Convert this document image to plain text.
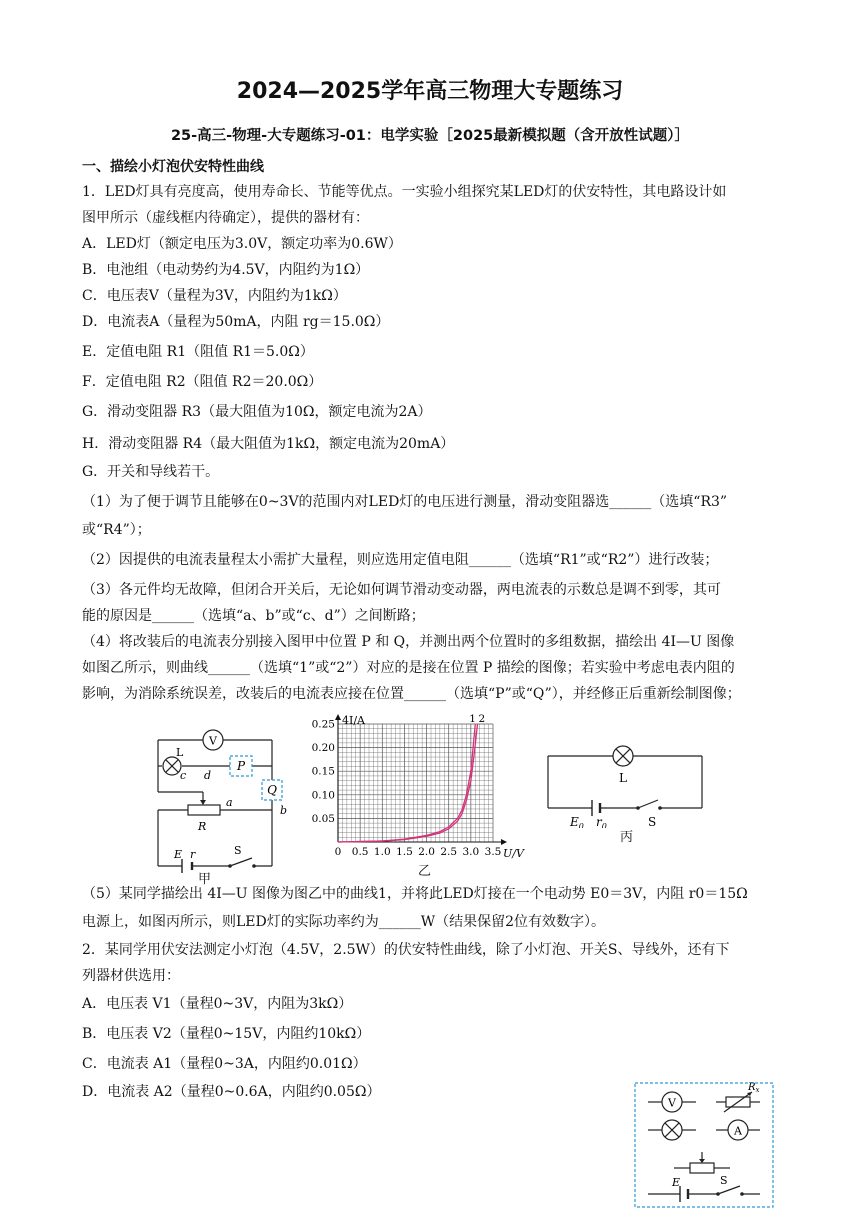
2024—2025学年高三物理大专题练习
25-高三-物理-大专题练习-01：电学实验［2025最新模拟题（含开放性试题）］
一、描绘小灯泡伏安特性曲线
1．LED灯具有亮度高，使用寿命长、节能等优点。一实验小组探究某LED灯的伏安特性，其电路设计如
图甲所示（虚线框内待确定），提供的器材有：
A．LED灯（额定电压为3.0V，额定功率为0.6W）
B．电池组（电动势约为4.5V，内阻约为1Ω）
C．电压表V（量程为3V，内阻约为1kΩ）
D．电流表A（量程为50mA，内阻 rg＝15.0Ω）
E．定值电阻 R1（阻值 R1＝5.0Ω）
F．定值电阻 R2（阻值 R2＝20.0Ω）
G．滑动变阻器 R3（最大阻值为10Ω，额定电流为2A）
H．滑动变阻器 R4（最大阻值为1kΩ，额定电流为20mA）
G．开关和导线若干。
（1）为了便于调节且能够在0~3V的范围内对LED灯的电压进行测量，滑动变阻器选______（选填“R3”
或“R4”）；
（2）因提供的电流表量程太小需扩大量程，则应选用定值电阻______（选填“R1”或“R2”）进行改装；
（3）各元件均无故障，但闭合开关后，无论如何调节滑动变动器，两电流表的示数总是调不到零，其可
能的原因是______（选填“a、b”或“c、d”）之间断路；
（4）将改装后的电流表分别接入图甲中位置 P 和 Q，并测出两个位置时的多组数据，描绘出 4I—U 图像
如图乙所示，则曲线______（选填“1”或“2”）对应的是接在位置 P 描绘的图像；若实验中考虑电表内阻的
影响，为消除系统误差，改装后的电流表应接在位置______（选填“P”或“Q”），并经修正后重新绘制图像；
V
P
Q
L
c d
R
a
b
E r	S
甲
0 0.5 1.0 1.5 2.0 2.5 3.0 3.5
0.05
0.10
0.15
0.20
0.25	1 2
4I/A
U/V
乙
L
$E_0$ $r_0$	S
丙
（5）某同学描绘出 4I—U 图像为图乙中的曲线1，并将此LED灯接在一个电动势 E0＝3V，内阻 r0＝15Ω
电源上，如图丙所示，则LED灯的实际功率约为______W（结果保留2位有效数字）。
2．某同学用伏安法测定小灯泡（4.5V，2.5W）的伏安特性曲线，除了小灯泡、开关S、导线外，还有下
列器材供选用：
A．电压表 V1（量程0~3V，内阻为3kΩ）
B．电压表 V2（量程0~15V，内阻约10kΩ）
C．电流表 A1（量程0~3A，内阻约0.01Ω）
D．电流表 A2（量程0~0.6A，内阻约0.05Ω）
V
$R_x$
A
E	S
